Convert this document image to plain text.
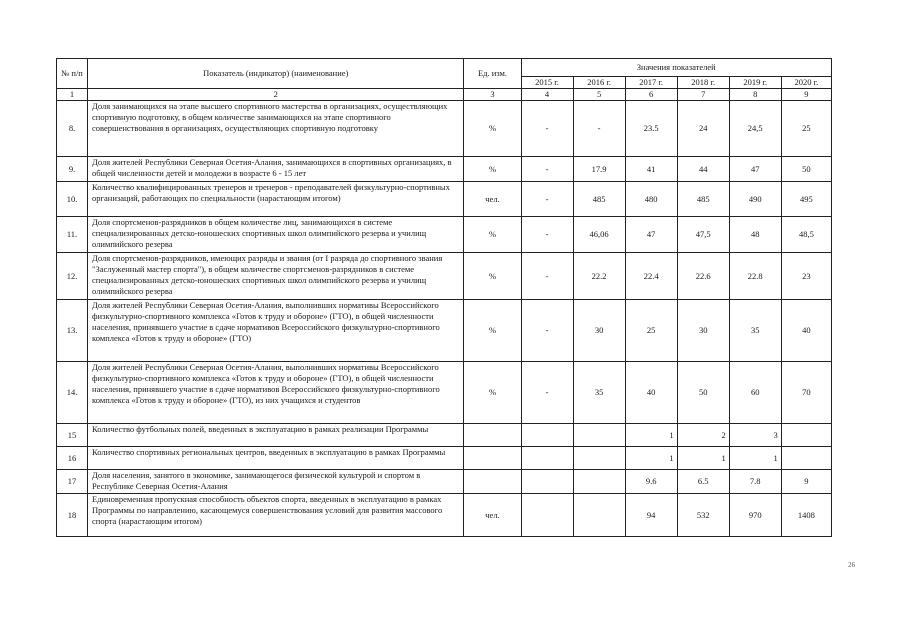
№ п/п	Показатель (индикатор) (наименование)	Ед. изм.	Значения показателей					
			2015 г.	2016 г.	2017 г.	2018 г.	2019 г.	2020 г.
1	2	3	4	5	6	7	8	9
8.	Доля занимающихся на этапе высшего спортивного мастерства в организациях, осуществляющих спортивную подготовку, в общем количестве занимающихся на этапе спортивного совершенствования в организациях, осуществляющих спортивную подготовку	%	-	-	23.5	24	24,5	25
9.	Доля жителей Республики Северная Осетия-Алания, занимающихся в спортивных организациях, в общей численности детей и молодежи в возрасте 6 - 15 лет	%	-	17.9	41	44	47	50
10.	Количество квалифицированных тренеров и тренеров - преподавателей физкультурно-спортивных организаций, работающих по специальности (нарастающим итогом)	чел.	-	485	480	485	490	495
11.	Доля спортсменов-разрядников в общем количестве лиц, занимающихся в системе специализированных детско-юношеских спортивных школ олимпийского резерва и училищ олимпийского резерва	%	-	46,06	47	47,5	48	48,5
12.	Доля спортсменов-разрядников, имеющих разряды и звания (от I разряда до спортивного звания "Заслуженный мастер спорта"), в общем количестве спортсменов-разрядников в системе специализированных детско-юношеских спортивных школ олимпийского резерва и училищ олимпийского резерва	%	-	22.2	22.4	22.6	22.8	23
13.	Доля жителей Республики Северная Осетия-Алания, выполнивших нормативы Всероссийского физкультурно-спортивного комплекса «Готов к труду и обороне» (ГТО), в общей численности населения, принявшего участие в сдаче нормативов Всероссийского физкультурно-спортивного комплекса «Готов к труду и обороне» (ГТО)	%	-	30	25	30	35	40
14.	Доля жителей Республики Северная Осетия-Алания, выполнивших нормативы Всероссийского физкультурно-спортивного комплекса «Готов к труду и обороне» (ГТО), в общей численности населения, принявшего участие в сдаче нормативов Всероссийского физкультурно-спортивного комплекса «Готов к труду и обороне» (ГТО), из них учащихся и студентов	%	-	35	40	50	60	70
15	Количество футбольных полей, введенных в эксплуатацию в рамках реализации Программы				1	2	3	
16	Количество спортивных региональных центров, введенных в эксплуатацию в рамках Программы				1	1	1	
17	Доля населения, занятого в экономике, занимающегося физической культурой и спортом в Республике Северная Осетия-Алания				9.6	6.5	7.8	9
18	Единовременная пропускная способность объектов спорта, введенных в эксплуатацию в рамках Программы по направлению, касающемуся совершенствования условий для развития массового спорта (нарастающим итогом)	чел.			94	532	970	1408
26
